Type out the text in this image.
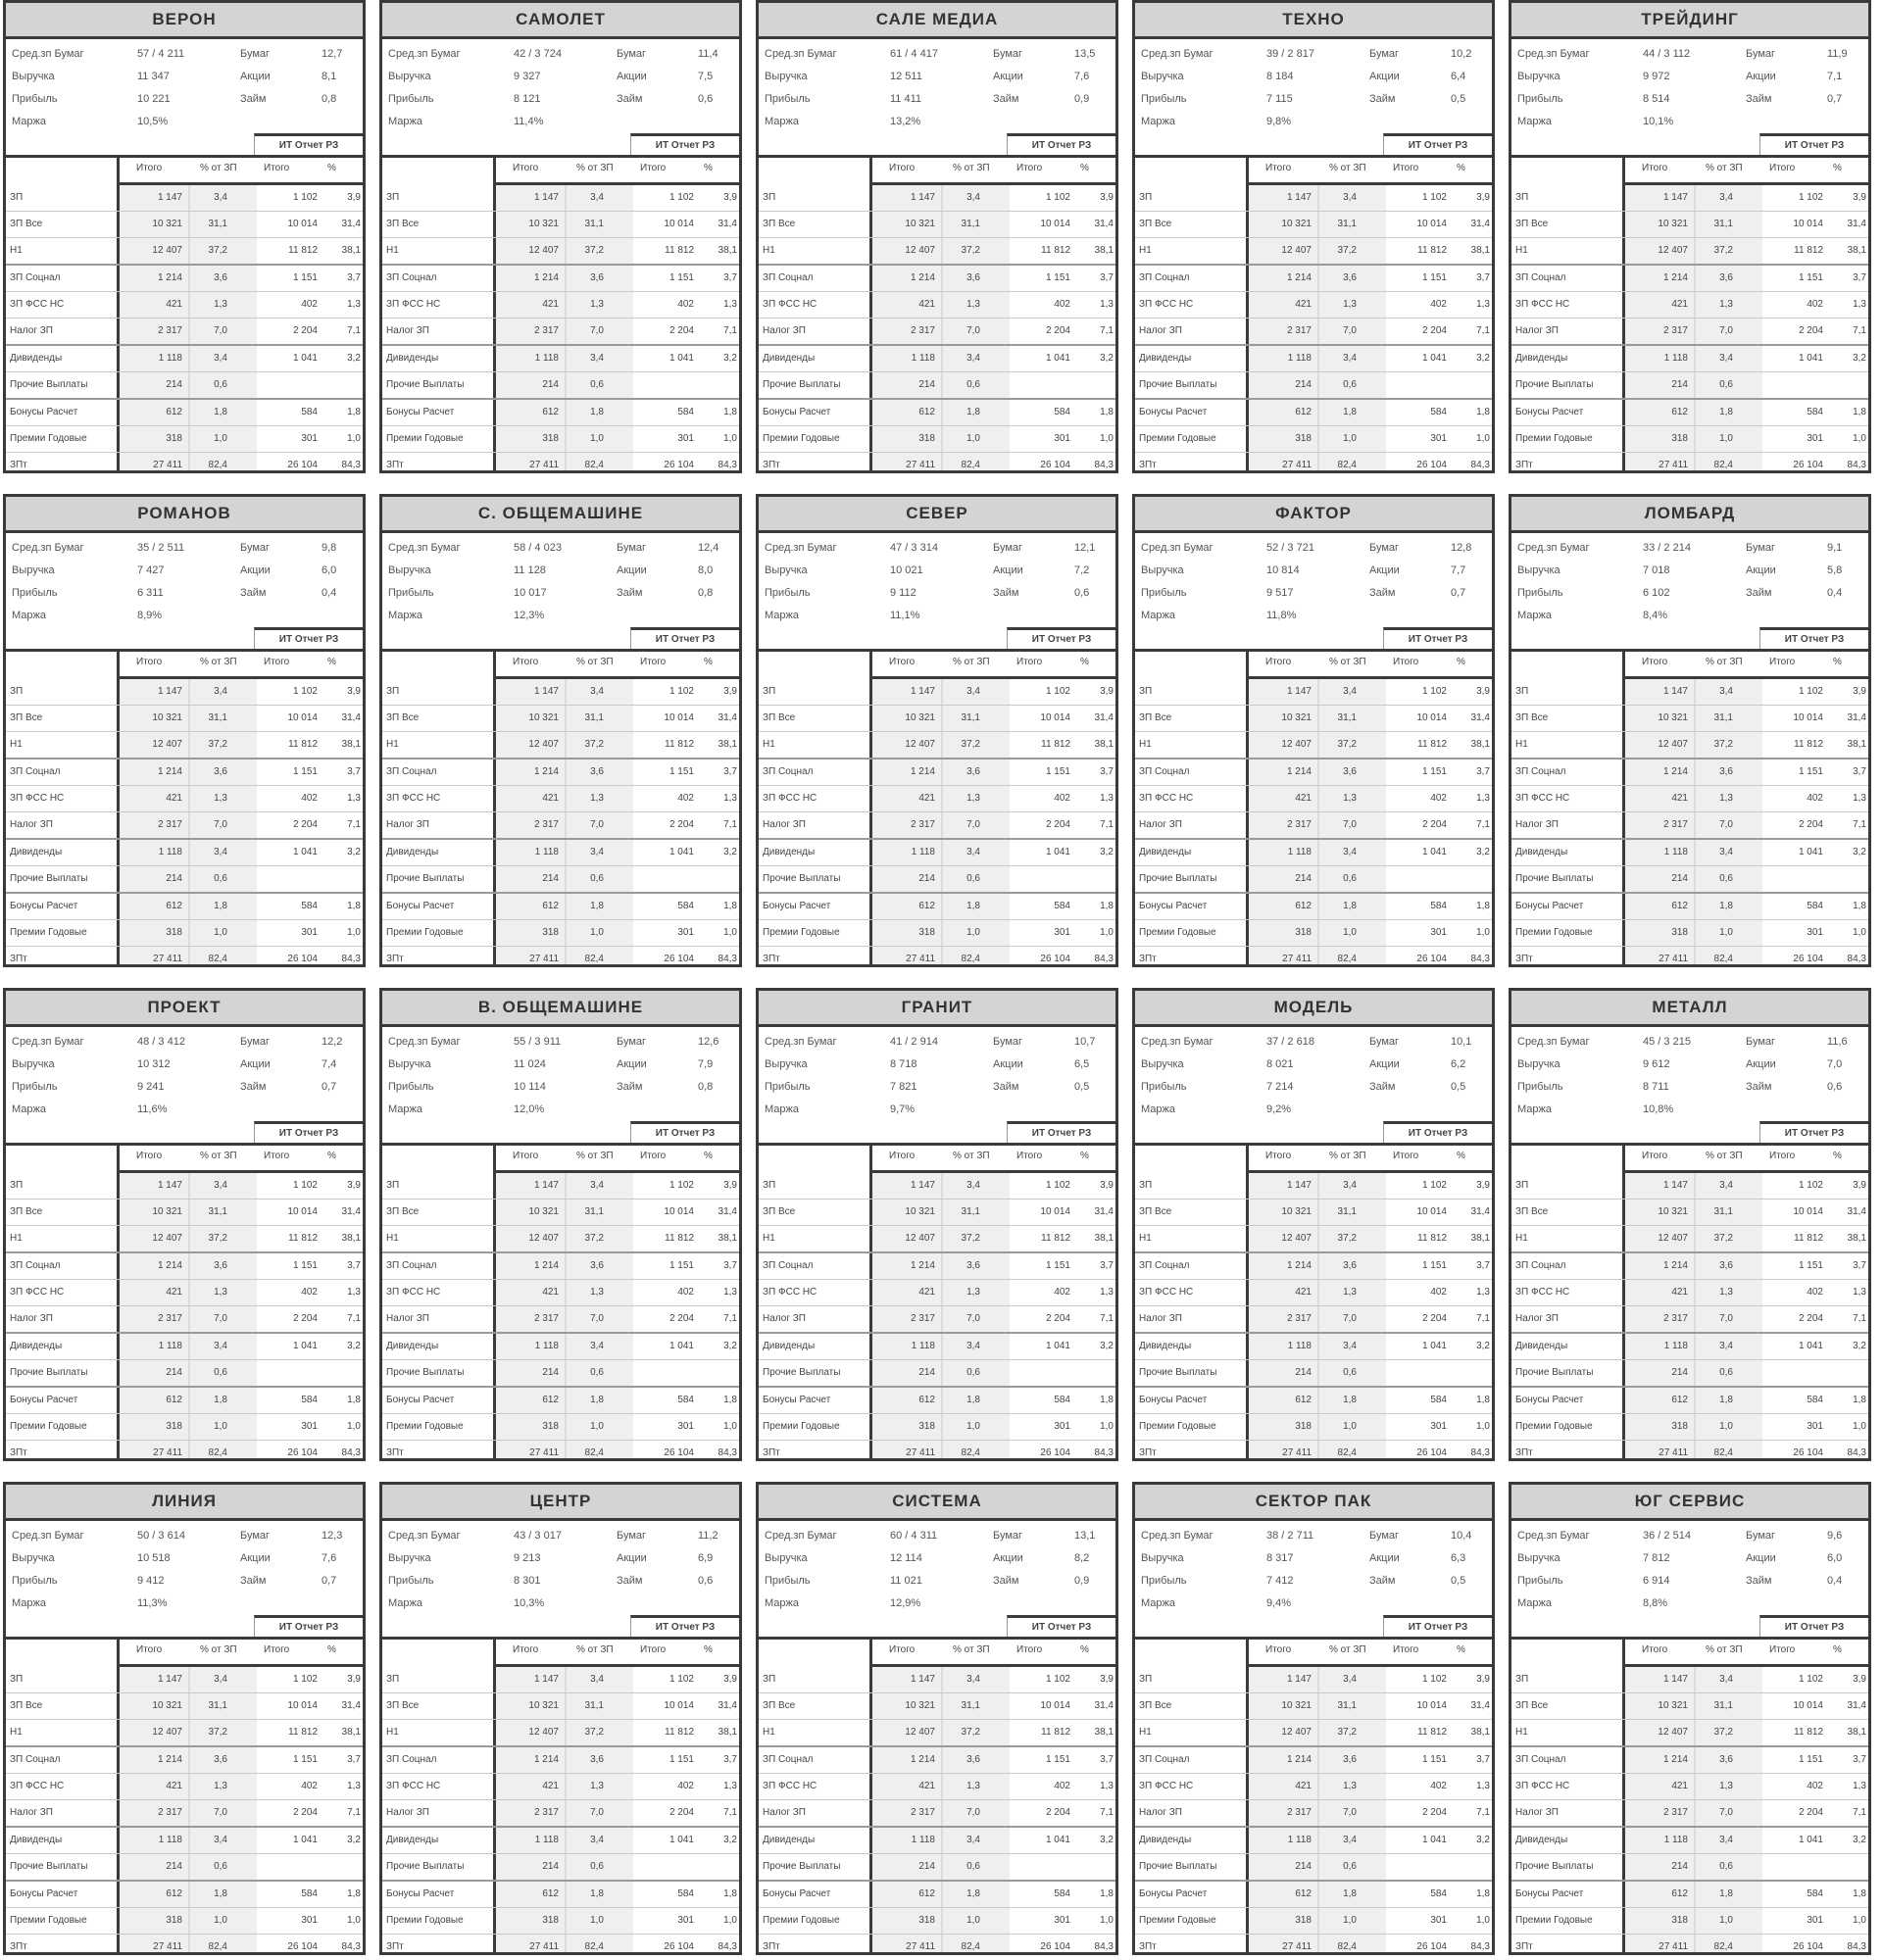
ВЕРОН
Сред.зп Бумаг	57 / 4 211	Бумаг	12,7
Выручка	11 347	Акции	8,1
Прибыль	10 221	Займ	0,8
Маржа	10,5%
ИТ Отчет РЗ
Итого	% от ЗП	Итого	%
ЗП	1 147	3,4	1 102	3,9
ЗП Все	10 321	31,1	10 014	31,4
Н1	12 407	37,2	11 812	38,1
ЗП Соцнал	1 214	3,6	1 151	3,7
ЗП ФСС НС	421	1,3	402	1,3
Налог ЗП	2 317	7,0	2 204	7,1
Дивиденды	1 118	3,4	1 041	3,2
Прочие Выплаты	214	0,6
Бонусы Расчет	612	1,8	584	1,8
Премии Годовые	318	1,0	301	1,0
ЗПт	27 411	82,4	26 104	84,3
САМОЛЕТ
Сред.зп Бумаг	42 / 3 724	Бумаг	11,4
Выручка	9 327	Акции	7,5
Прибыль	8 121	Займ	0,6
Маржа	11,4%
ИТ Отчет РЗ
Итого	% от ЗП	Итого	%
ЗП	1 147	3,4	1 102	3,9
ЗП Все	10 321	31,1	10 014	31,4
Н1	12 407	37,2	11 812	38,1
ЗП Соцнал	1 214	3,6	1 151	3,7
ЗП ФСС НС	421	1,3	402	1,3
Налог ЗП	2 317	7,0	2 204	7,1
Дивиденды	1 118	3,4	1 041	3,2
Прочие Выплаты	214	0,6
Бонусы Расчет	612	1,8	584	1,8
Премии Годовые	318	1,0	301	1,0
ЗПт	27 411	82,4	26 104	84,3
САЛЕ МЕДИА
Сред.зп Бумаг	61 / 4 417	Бумаг	13,5
Выручка	12 511	Акции	7,6
Прибыль	11 411	Займ	0,9
Маржа	13,2%
ИТ Отчет РЗ
Итого	% от ЗП	Итого	%
ЗП	1 147	3,4	1 102	3,9
ЗП Все	10 321	31,1	10 014	31,4
Н1	12 407	37,2	11 812	38,1
ЗП Соцнал	1 214	3,6	1 151	3,7
ЗП ФСС НС	421	1,3	402	1,3
Налог ЗП	2 317	7,0	2 204	7,1
Дивиденды	1 118	3,4	1 041	3,2
Прочие Выплаты	214	0,6
Бонусы Расчет	612	1,8	584	1,8
Премии Годовые	318	1,0	301	1,0
ЗПт	27 411	82,4	26 104	84,3
ТЕХНО
Сред.зп Бумаг	39 / 2 817	Бумаг	10,2
Выручка	8 184	Акции	6,4
Прибыль	7 115	Займ	0,5
Маржа	9,8%
ИТ Отчет РЗ
Итого	% от ЗП	Итого	%
ЗП	1 147	3,4	1 102	3,9
ЗП Все	10 321	31,1	10 014	31,4
Н1	12 407	37,2	11 812	38,1
ЗП Соцнал	1 214	3,6	1 151	3,7
ЗП ФСС НС	421	1,3	402	1,3
Налог ЗП	2 317	7,0	2 204	7,1
Дивиденды	1 118	3,4	1 041	3,2
Прочие Выплаты	214	0,6
Бонусы Расчет	612	1,8	584	1,8
Премии Годовые	318	1,0	301	1,0
ЗПт	27 411	82,4	26 104	84,3
ТРЕЙДИНГ
Сред.зп Бумаг	44 / 3 112	Бумаг	11,9
Выручка	9 972	Акции	7,1
Прибыль	8 514	Займ	0,7
Маржа	10,1%
ИТ Отчет РЗ
Итого	% от ЗП	Итого	%
ЗП	1 147	3,4	1 102	3,9
ЗП Все	10 321	31,1	10 014	31,4
Н1	12 407	37,2	11 812	38,1
ЗП Соцнал	1 214	3,6	1 151	3,7
ЗП ФСС НС	421	1,3	402	1,3
Налог ЗП	2 317	7,0	2 204	7,1
Дивиденды	1 118	3,4	1 041	3,2
Прочие Выплаты	214	0,6
Бонусы Расчет	612	1,8	584	1,8
Премии Годовые	318	1,0	301	1,0
ЗПт	27 411	82,4	26 104	84,3
РОМАНОВ
Сред.зп Бумаг	35 / 2 511	Бумаг	9,8
Выручка	7 427	Акции	6,0
Прибыль	6 311	Займ	0,4
Маржа	8,9%
ИТ Отчет РЗ
Итого	% от ЗП	Итого	%
ЗП	1 147	3,4	1 102	3,9
ЗП Все	10 321	31,1	10 014	31,4
Н1	12 407	37,2	11 812	38,1
ЗП Соцнал	1 214	3,6	1 151	3,7
ЗП ФСС НС	421	1,3	402	1,3
Налог ЗП	2 317	7,0	2 204	7,1
Дивиденды	1 118	3,4	1 041	3,2
Прочие Выплаты	214	0,6
Бонусы Расчет	612	1,8	584	1,8
Премии Годовые	318	1,0	301	1,0
ЗПт	27 411	82,4	26 104	84,3
С. ОБЩЕМАШИНЕ
Сред.зп Бумаг	58 / 4 023	Бумаг	12,4
Выручка	11 128	Акции	8,0
Прибыль	10 017	Займ	0,8
Маржа	12,3%
ИТ Отчет РЗ
Итого	% от ЗП	Итого	%
ЗП	1 147	3,4	1 102	3,9
ЗП Все	10 321	31,1	10 014	31,4
Н1	12 407	37,2	11 812	38,1
ЗП Соцнал	1 214	3,6	1 151	3,7
ЗП ФСС НС	421	1,3	402	1,3
Налог ЗП	2 317	7,0	2 204	7,1
Дивиденды	1 118	3,4	1 041	3,2
Прочие Выплаты	214	0,6
Бонусы Расчет	612	1,8	584	1,8
Премии Годовые	318	1,0	301	1,0
ЗПт	27 411	82,4	26 104	84,3
СЕВЕР
Сред.зп Бумаг	47 / 3 314	Бумаг	12,1
Выручка	10 021	Акции	7,2
Прибыль	9 112	Займ	0,6
Маржа	11,1%
ИТ Отчет РЗ
Итого	% от ЗП	Итого	%
ЗП	1 147	3,4	1 102	3,9
ЗП Все	10 321	31,1	10 014	31,4
Н1	12 407	37,2	11 812	38,1
ЗП Соцнал	1 214	3,6	1 151	3,7
ЗП ФСС НС	421	1,3	402	1,3
Налог ЗП	2 317	7,0	2 204	7,1
Дивиденды	1 118	3,4	1 041	3,2
Прочие Выплаты	214	0,6
Бонусы Расчет	612	1,8	584	1,8
Премии Годовые	318	1,0	301	1,0
ЗПт	27 411	82,4	26 104	84,3
ФАКТОР
Сред.зп Бумаг	52 / 3 721	Бумаг	12,8
Выручка	10 814	Акции	7,7
Прибыль	9 517	Займ	0,7
Маржа	11,8%
ИТ Отчет РЗ
Итого	% от ЗП	Итого	%
ЗП	1 147	3,4	1 102	3,9
ЗП Все	10 321	31,1	10 014	31,4
Н1	12 407	37,2	11 812	38,1
ЗП Соцнал	1 214	3,6	1 151	3,7
ЗП ФСС НС	421	1,3	402	1,3
Налог ЗП	2 317	7,0	2 204	7,1
Дивиденды	1 118	3,4	1 041	3,2
Прочие Выплаты	214	0,6
Бонусы Расчет	612	1,8	584	1,8
Премии Годовые	318	1,0	301	1,0
ЗПт	27 411	82,4	26 104	84,3
ЛОМБАРД
Сред.зп Бумаг	33 / 2 214	Бумаг	9,1
Выручка	7 018	Акции	5,8
Прибыль	6 102	Займ	0,4
Маржа	8,4%
ИТ Отчет РЗ
Итого	% от ЗП	Итого	%
ЗП	1 147	3,4	1 102	3,9
ЗП Все	10 321	31,1	10 014	31,4
Н1	12 407	37,2	11 812	38,1
ЗП Соцнал	1 214	3,6	1 151	3,7
ЗП ФСС НС	421	1,3	402	1,3
Налог ЗП	2 317	7,0	2 204	7,1
Дивиденды	1 118	3,4	1 041	3,2
Прочие Выплаты	214	0,6
Бонусы Расчет	612	1,8	584	1,8
Премии Годовые	318	1,0	301	1,0
ЗПт	27 411	82,4	26 104	84,3
ПРОЕКТ
Сред.зп Бумаг	48 / 3 412	Бумаг	12,2
Выручка	10 312	Акции	7,4
Прибыль	9 241	Займ	0,7
Маржа	11,6%
ИТ Отчет РЗ
Итого	% от ЗП	Итого	%
ЗП	1 147	3,4	1 102	3,9
ЗП Все	10 321	31,1	10 014	31,4
Н1	12 407	37,2	11 812	38,1
ЗП Соцнал	1 214	3,6	1 151	3,7
ЗП ФСС НС	421	1,3	402	1,3
Налог ЗП	2 317	7,0	2 204	7,1
Дивиденды	1 118	3,4	1 041	3,2
Прочие Выплаты	214	0,6
Бонусы Расчет	612	1,8	584	1,8
Премии Годовые	318	1,0	301	1,0
ЗПт	27 411	82,4	26 104	84,3
В. ОБЩЕМАШИНЕ
Сред.зп Бумаг	55 / 3 911	Бумаг	12,6
Выручка	11 024	Акции	7,9
Прибыль	10 114	Займ	0,8
Маржа	12,0%
ИТ Отчет РЗ
Итого	% от ЗП	Итого	%
ЗП	1 147	3,4	1 102	3,9
ЗП Все	10 321	31,1	10 014	31,4
Н1	12 407	37,2	11 812	38,1
ЗП Соцнал	1 214	3,6	1 151	3,7
ЗП ФСС НС	421	1,3	402	1,3
Налог ЗП	2 317	7,0	2 204	7,1
Дивиденды	1 118	3,4	1 041	3,2
Прочие Выплаты	214	0,6
Бонусы Расчет	612	1,8	584	1,8
Премии Годовые	318	1,0	301	1,0
ЗПт	27 411	82,4	26 104	84,3
ГРАНИТ
Сред.зп Бумаг	41 / 2 914	Бумаг	10,7
Выручка	8 718	Акции	6,5
Прибыль	7 821	Займ	0,5
Маржа	9,7%
ИТ Отчет РЗ
Итого	% от ЗП	Итого	%
ЗП	1 147	3,4	1 102	3,9
ЗП Все	10 321	31,1	10 014	31,4
Н1	12 407	37,2	11 812	38,1
ЗП Соцнал	1 214	3,6	1 151	3,7
ЗП ФСС НС	421	1,3	402	1,3
Налог ЗП	2 317	7,0	2 204	7,1
Дивиденды	1 118	3,4	1 041	3,2
Прочие Выплаты	214	0,6
Бонусы Расчет	612	1,8	584	1,8
Премии Годовые	318	1,0	301	1,0
ЗПт	27 411	82,4	26 104	84,3
МОДЕЛЬ
Сред.зп Бумаг	37 / 2 618	Бумаг	10,1
Выручка	8 021	Акции	6,2
Прибыль	7 214	Займ	0,5
Маржа	9,2%
ИТ Отчет РЗ
Итого	% от ЗП	Итого	%
ЗП	1 147	3,4	1 102	3,9
ЗП Все	10 321	31,1	10 014	31,4
Н1	12 407	37,2	11 812	38,1
ЗП Соцнал	1 214	3,6	1 151	3,7
ЗП ФСС НС	421	1,3	402	1,3
Налог ЗП	2 317	7,0	2 204	7,1
Дивиденды	1 118	3,4	1 041	3,2
Прочие Выплаты	214	0,6
Бонусы Расчет	612	1,8	584	1,8
Премии Годовые	318	1,0	301	1,0
ЗПт	27 411	82,4	26 104	84,3
МЕТАЛЛ
Сред.зп Бумаг	45 / 3 215	Бумаг	11,6
Выручка	9 612	Акции	7,0
Прибыль	8 711	Займ	0,6
Маржа	10,8%
ИТ Отчет РЗ
Итого	% от ЗП	Итого	%
ЗП	1 147	3,4	1 102	3,9
ЗП Все	10 321	31,1	10 014	31,4
Н1	12 407	37,2	11 812	38,1
ЗП Соцнал	1 214	3,6	1 151	3,7
ЗП ФСС НС	421	1,3	402	1,3
Налог ЗП	2 317	7,0	2 204	7,1
Дивиденды	1 118	3,4	1 041	3,2
Прочие Выплаты	214	0,6
Бонусы Расчет	612	1,8	584	1,8
Премии Годовые	318	1,0	301	1,0
ЗПт	27 411	82,4	26 104	84,3
ЛИНИЯ
Сред.зп Бумаг	50 / 3 614	Бумаг	12,3
Выручка	10 518	Акции	7,6
Прибыль	9 412	Займ	0,7
Маржа	11,3%
ИТ Отчет РЗ
Итого	% от ЗП	Итого	%
ЗП	1 147	3,4	1 102	3,9
ЗП Все	10 321	31,1	10 014	31,4
Н1	12 407	37,2	11 812	38,1
ЗП Соцнал	1 214	3,6	1 151	3,7
ЗП ФСС НС	421	1,3	402	1,3
Налог ЗП	2 317	7,0	2 204	7,1
Дивиденды	1 118	3,4	1 041	3,2
Прочие Выплаты	214	0,6
Бонусы Расчет	612	1,8	584	1,8
Премии Годовые	318	1,0	301	1,0
ЗПт	27 411	82,4	26 104	84,3
ЦЕНТР
Сред.зп Бумаг	43 / 3 017	Бумаг	11,2
Выручка	9 213	Акции	6,9
Прибыль	8 301	Займ	0,6
Маржа	10,3%
ИТ Отчет РЗ
Итого	% от ЗП	Итого	%
ЗП	1 147	3,4	1 102	3,9
ЗП Все	10 321	31,1	10 014	31,4
Н1	12 407	37,2	11 812	38,1
ЗП Соцнал	1 214	3,6	1 151	3,7
ЗП ФСС НС	421	1,3	402	1,3
Налог ЗП	2 317	7,0	2 204	7,1
Дивиденды	1 118	3,4	1 041	3,2
Прочие Выплаты	214	0,6
Бонусы Расчет	612	1,8	584	1,8
Премии Годовые	318	1,0	301	1,0
ЗПт	27 411	82,4	26 104	84,3
СИСТЕМА
Сред.зп Бумаг	60 / 4 311	Бумаг	13,1
Выручка	12 114	Акции	8,2
Прибыль	11 021	Займ	0,9
Маржа	12,9%
ИТ Отчет РЗ
Итого	% от ЗП	Итого	%
ЗП	1 147	3,4	1 102	3,9
ЗП Все	10 321	31,1	10 014	31,4
Н1	12 407	37,2	11 812	38,1
ЗП Соцнал	1 214	3,6	1 151	3,7
ЗП ФСС НС	421	1,3	402	1,3
Налог ЗП	2 317	7,0	2 204	7,1
Дивиденды	1 118	3,4	1 041	3,2
Прочие Выплаты	214	0,6
Бонусы Расчет	612	1,8	584	1,8
Премии Годовые	318	1,0	301	1,0
ЗПт	27 411	82,4	26 104	84,3
СЕКТОР ПАК
Сред.зп Бумаг	38 / 2 711	Бумаг	10,4
Выручка	8 317	Акции	6,3
Прибыль	7 412	Займ	0,5
Маржа	9,4%
ИТ Отчет РЗ
Итого	% от ЗП	Итого	%
ЗП	1 147	3,4	1 102	3,9
ЗП Все	10 321	31,1	10 014	31,4
Н1	12 407	37,2	11 812	38,1
ЗП Соцнал	1 214	3,6	1 151	3,7
ЗП ФСС НС	421	1,3	402	1,3
Налог ЗП	2 317	7,0	2 204	7,1
Дивиденды	1 118	3,4	1 041	3,2
Прочие Выплаты	214	0,6
Бонусы Расчет	612	1,8	584	1,8
Премии Годовые	318	1,0	301	1,0
ЗПт	27 411	82,4	26 104	84,3
ЮГ СЕРВИС
Сред.зп Бумаг	36 / 2 514	Бумаг	9,6
Выручка	7 812	Акции	6,0
Прибыль	6 914	Займ	0,4
Маржа	8,8%
ИТ Отчет РЗ
Итого	% от ЗП	Итого	%
ЗП	1 147	3,4	1 102	3,9
ЗП Все	10 321	31,1	10 014	31,4
Н1	12 407	37,2	11 812	38,1
ЗП Соцнал	1 214	3,6	1 151	3,7
ЗП ФСС НС	421	1,3	402	1,3
Налог ЗП	2 317	7,0	2 204	7,1
Дивиденды	1 118	3,4	1 041	3,2
Прочие Выплаты	214	0,6
Бонусы Расчет	612	1,8	584	1,8
Премии Годовые	318	1,0	301	1,0
ЗПт	27 411	82,4	26 104	84,3
